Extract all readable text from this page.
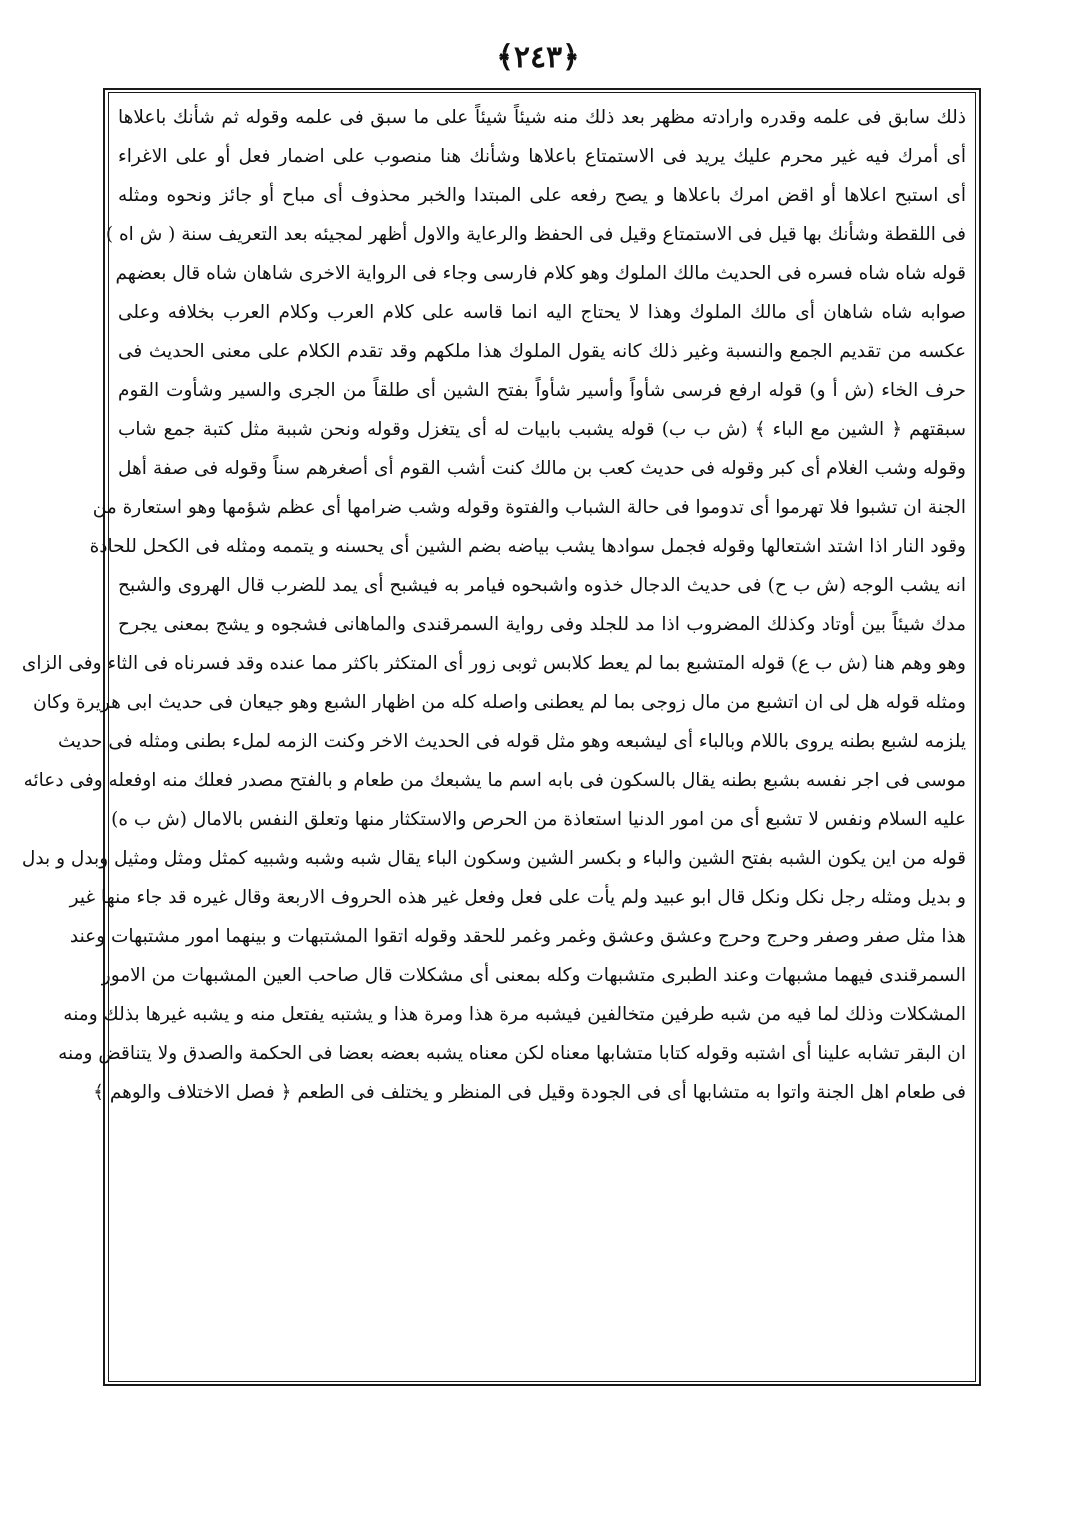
﴿٢٤٣﴾
ذلك سابق فى علمه وقدره وارادته مظهر بعد ذلك منه شيئاً شيئاً على ما سبق فى علمه وقوله ثم شأنك باعلاها
أى أمرك فيه غير محرم عليك يريد فى الاستمتاع باعلاها وشأنك هنا منصوب على اضمار فعل أو على الاغراء
أى استبح اعلاها أو اقض امرك باعلاها و يصح رفعه على المبتدا والخبر محذوف أى مباح أو جائز ونحوه ومثله
فى اللقطة وشأنك بها قيل فى الاستمتاع وقيل فى الحفظ والرعاية والاول أظهر لمجيئه بعد التعريف سنة ( ش اه )
قوله شاه شاه فسره فى الحديث مالك الملوك وهو كلام فارسى وجاء فى الرواية الاخرى شاهان شاه قال بعضهم
صوابه شاه شاهان أى مالك الملوك وهذا لا يحتاج اليه انما قاسه على كلام العرب وكلام العرب بخلافه وعلى
عكسه من تقديم الجمع والنسبة وغير ذلك كانه يقول الملوك هذا ملكهم وقد تقدم الكلام على معنى الحديث فى
حرف الخاء (ش أ و) قوله ارفع فرسى شأواً وأسير شأواً بفتح الشين أى طلقاً من الجرى والسير وشأوت القوم
سبقتهم ﴿ الشين مع الباء ﴾ (ش ب ب) قوله يشبب بابيات له أى يتغزل وقوله ونحن شببة مثل كتبة جمع شاب
وقوله وشب الغلام أى كبر وقوله فى حديث كعب بن مالك كنت أشب القوم أى أصغرهم سناً وقوله فى صفة أهل
الجنة ان تشبوا فلا تهرموا أى تدوموا فى حالة الشباب والفتوة وقوله وشب ضرامها أى عظم شؤمها وهو استعارة من
وقود النار اذا اشتد اشتعالها وقوله فجمل سوادها يشب بياضه بضم الشين أى يحسنه و يتممه ومثله فى الكحل للحادة
انه يشب الوجه (ش ب ح) فى حديث الدجال خذوه واشبحوه فيامر به فيشبح أى يمد للضرب قال الهروى والشبح
مدك شيئاً بين أوتاد وكذلك المضروب اذا مد للجلد وفى رواية السمرقندى والماهانى فشجوه و يشج بمعنى يجرح
وهو وهم هنا (ش ب ع) قوله المتشبع بما لم يعط كلابس ثوبى زور أى المتكثر باكثر مما عنده وقد فسرناه فى الثاء وفى الزاى
ومثله قوله هل لى ان اتشبع من مال زوجى بما لم يعطنى واصله كله من اظهار الشبع وهو جيعان فى حديث ابى هريرة وكان
يلزمه لشبع بطنه يروى باللام وبالباء أى ليشبعه وهو مثل قوله فى الحديث الاخر وكنت الزمه لملء بطنى ومثله فى حديث
موسى فى اجر نفسه بشبع بطنه يقال بالسكون فى بابه اسم ما يشبعك من طعام و بالفتح مصدر فعلك منه اوفعله وفى دعائه
عليه السلام ونفس لا تشبع أى من امور الدنيا استعاذة من الحرص والاستكثار منها وتعلق النفس بالامال (ش ب ه)
قوله من اين يكون الشبه بفتح الشين والباء و بكسر الشين وسكون الباء يقال شبه وشبه وشبيه كمثل ومثل ومثيل وبدل و بدل
و بديل ومثله رجل نكل ونكل قال ابو عبيد ولم يأت على فعل وفعل غير هذه الحروف الاربعة وقال غيره قد جاء منها غير
هذا مثل صفر وصفر وحرج وحرج وعشق وعشق وغمر وغمر للحقد وقوله اتقوا المشتبهات و بينهما امور مشتبهات وعند
السمرقندى فيهما مشبهات وعند الطبرى متشبهات وكله بمعنى أى مشكلات قال صاحب العين المشبهات من الامور
المشكلات وذلك لما فيه من شبه طرفين متخالفين فيشبه مرة هذا ومرة هذا و يشتبه يفتعل منه و يشبه غيرها بذلك ومنه
ان البقر تشابه علينا أى اشتبه وقوله كتابا متشابها معناه لكن معناه يشبه بعضه بعضا فى الحكمة والصدق ولا يتناقض ومنه
فى طعام اهل الجنة واتوا به متشابها أى فى الجودة وقيل فى المنظر و يختلف فى الطعم ﴿ فصل الاختلاف والوهم ﴾
